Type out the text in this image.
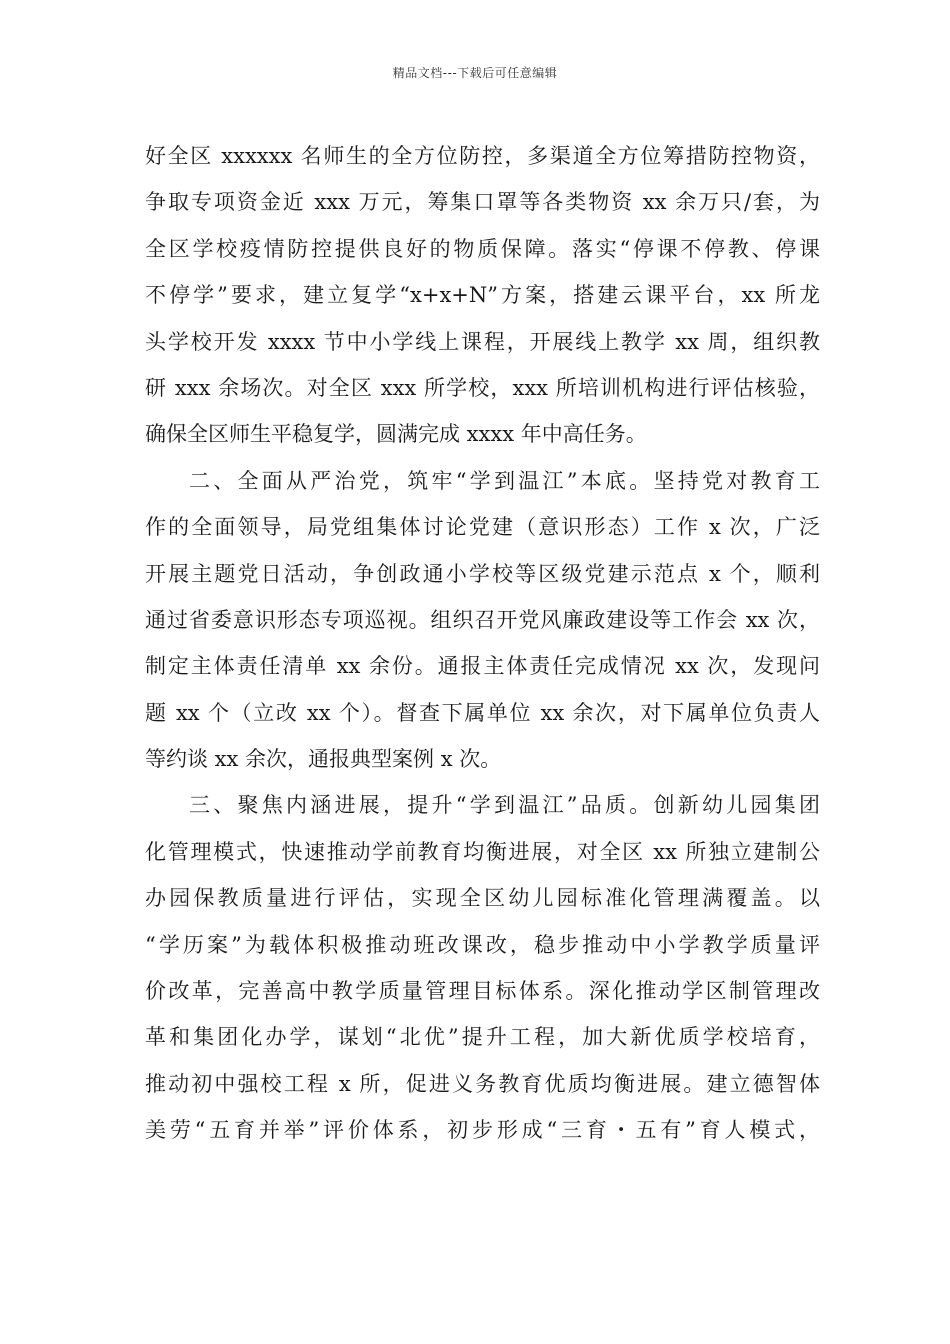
精品文档---下载后可任意编辑
好全区 xxxxxx 名师生的全方位防控，多渠道全方位筹措防控物资，
争取专项资金近 xxx 万元，筹集口罩等各类物资 xx 余万只/套，为
全区学校疫情防控提供良好的物质保障。落实“停课不停教、停课
不停学”要求，建立复学“x+x+N”方案，搭建云课平台，xx 所龙
头学校开发 xxxx 节中小学线上课程，开展线上教学 xx 周，组织教
研 xxx 余场次。对全区 xxx 所学校，xxx 所培训机构进行评估核验，
确保全区师生平稳复学，圆满完成 xxxx 年中高任务。
二、全面从严治党，筑牢“学到温江”本底。坚持党对教育工
作的全面领导，局党组集体讨论党建（意识形态）工作 x 次，广泛
开展主题党日活动，争创政通小学校等区级党建示范点 x 个，顺利
通过省委意识形态专项巡视。组织召开党风廉政建设等工作会 xx 次，
制定主体责任清单 xx 余份。通报主体责任完成情况 xx 次，发现问
题 xx 个（立改 xx 个）。督查下属单位 xx 余次，对下属单位负责人
等约谈 xx 余次，通报典型案例 x 次。
三、聚焦内涵进展，提升“学到温江”品质。创新幼儿园集团
化管理模式，快速推动学前教育均衡进展，对全区 xx 所独立建制公
办园保教质量进行评估，实现全区幼儿园标准化管理满覆盖。以
“学历案”为载体积极推动班改课改，稳步推动中小学教学质量评
价改革，完善高中教学质量管理目标体系。深化推动学区制管理改
革和集团化办学，谋划“北优”提升工程，加大新优质学校培育，
推动初中强校工程 x 所，促进义务教育优质均衡进展。建立德智体
美劳“五育并举”评价体系，初步形成“三育・五有”育人模式，
